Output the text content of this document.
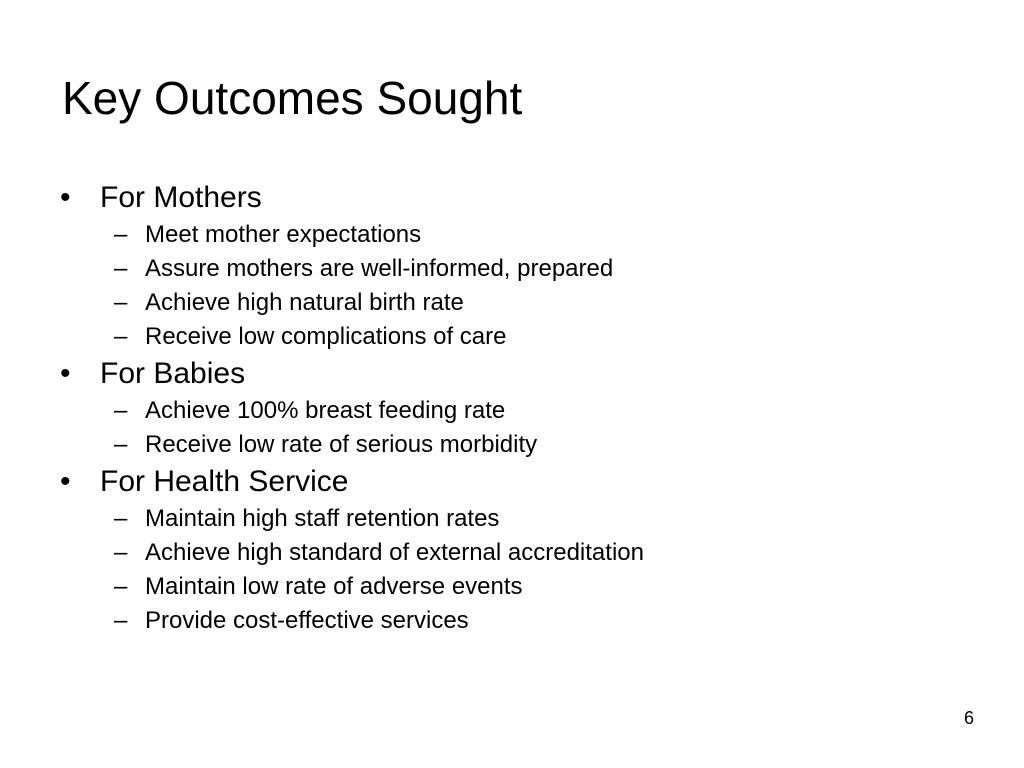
Key Outcomes Sought
• For Mothers
– Meet mother expectations
– Assure mothers are well-informed, prepared
– Achieve high natural birth rate
– Receive low complications of care
• For Babies
– Achieve 100% breast feeding rate
– Receive low rate of serious morbidity
• For Health Service
– Maintain high staff retention rates
– Achieve high standard of external accreditation
– Maintain low rate of adverse events
– Provide cost-effective services
6
